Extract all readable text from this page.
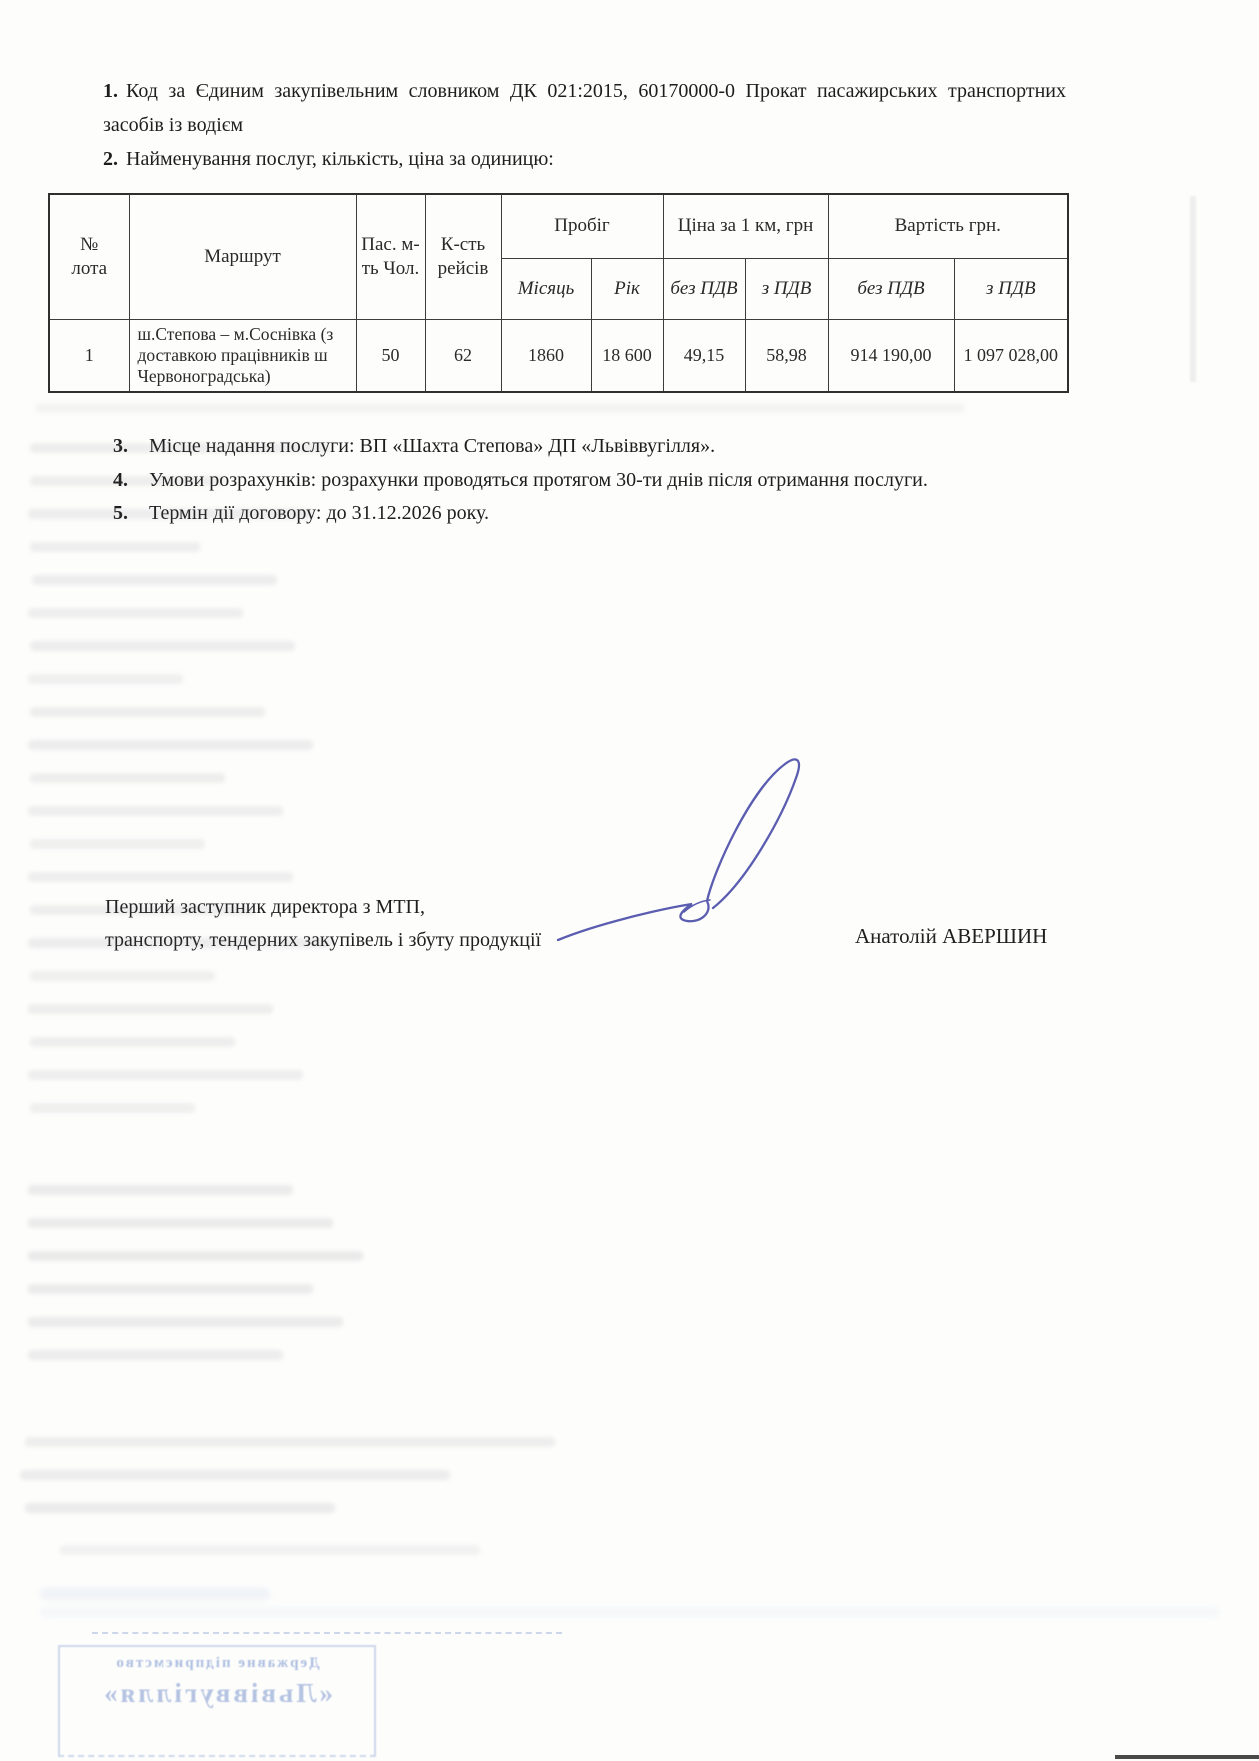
1. Код за Єдиним закупівельним словником ДК 021:2015, 60170000-0 Прокат пасажирських транспортних засобів із водієм

2. Найменування послуг, кількість, ціна за одиницю:

№ лота	Маршрут	Пас. м-ть Чол.	К-сть рейсів	Пробіг		Ціна за 1 км, грн		Вартість грн.	
				Місяць	Рік	без ПДВ	з ПДВ	без ПДВ	з ПДВ
1	ш.Степова – м.Соснівка (з доставкою працівників ш Червоноградська)	50	62	1860	18 600	49,15	58,98	914 190,00	1 097 028,00
3. Місце надання послуги: ВП «Шахта Степова» ДП «Львіввугілля».
4. Умови розрахунків: розрахунки проводяться протягом 30-ти днів після отримання послуги.
5. Термін дії договору: до 31.12.2026 року.
Перший заступник директора з МТП,
транспорту, тендерних закупівель і збуту продукції	Анатолій АВЕРШИН
Державне підприємство
«Львіввугілля»
